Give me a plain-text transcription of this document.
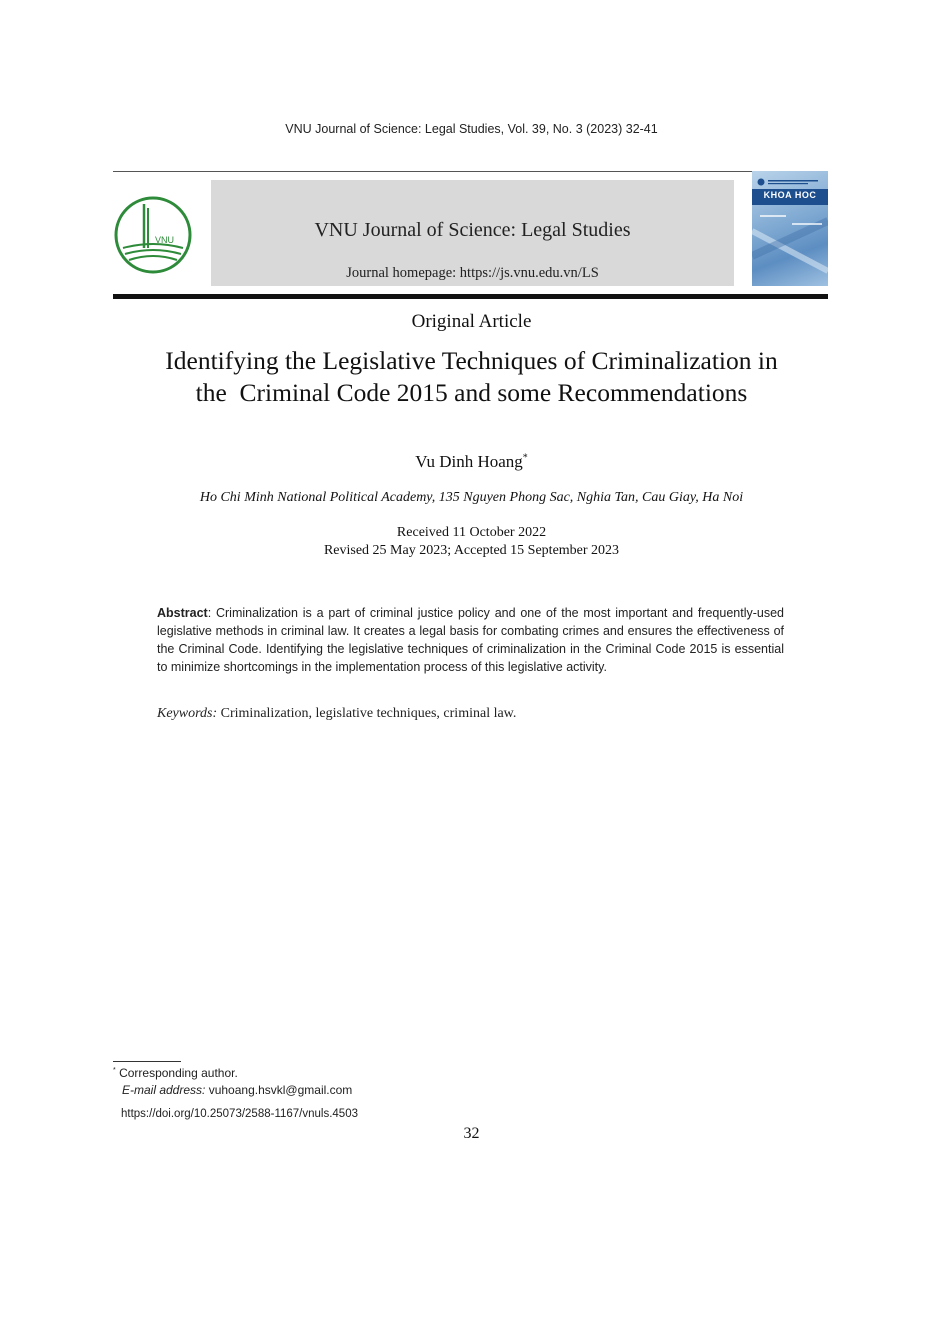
VNU Journal of Science: Legal Studies, Vol. 39, No. 3 (2023) 32-41
VNU	VNU Journal of Science: Legal Studies
Journal homepage: https://js.vnu.edu.vn/LS
KHOA HOC
Original Article
Identifying the Legislative Techniques of Criminalization in
the  Criminal Code 2015 and some Recommendations
Vu Dinh Hoang*
Ho Chi Minh National Political Academy, 135 Nguyen Phong Sac, Nghia Tan, Cau Giay, Ha Noi
Received 11 October 2022
Revised 25 May 2023; Accepted 15 September 2023
Abstract: Criminalization is a part of criminal justice policy and one of the most important and frequently-used legislative methods in criminal law. It creates a legal basis for combating crimes and ensures the effectiveness of the Criminal Code. Identifying the legislative techniques of criminalization in the Criminal Code 2015 is essential to minimize shortcomings in the implementation process of this legislative activity.
Keywords: Criminalization, legislative techniques, criminal law.
* Corresponding author.
E-mail address: vuhoang.hsvkl@gmail.com
https://doi.org/10.25073/2588-1167/vnuls.4503
32
